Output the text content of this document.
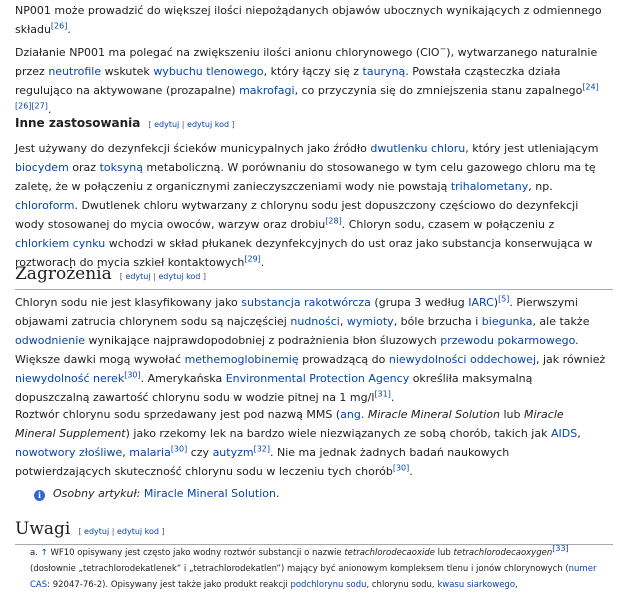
NP001 może prowadzić do większej ilości niepożądanych objawów ubocznych wynikających z odmiennego składu[26].

Działanie NP001 ma polegać na zwiększeniu ilości anionu chlorynowego (ClO−), wytwarzanego naturalnie przez neutrofile wskutek wybuchu tlenowego, który łączy się z tauryną. Powstała cząsteczka działa regulująco na aktywowane (prozapalne) makrofagi, co przyczynia się do zmniejszenia stanu zapalnego[24][26][27].

Inne zastosowania [ edytuj | edytuj kod ]

Jest używany do dezynfekcji ścieków municypalnych jako źródło dwutlenku chloru, który jest utleniającym biocydem oraz toksyną metaboliczną. W porównaniu do stosowanego w tym celu gazowego chloru ma tę zaletę, że w połączeniu z organicznymi zanieczyszczeniami wody nie powstają trihalometany, np. chloroform. Dwutlenek chloru wytwarzany z chlorynu sodu jest dopuszczony częściowo do dezynfekcji wody stosowanej do mycia owoców, warzyw oraz drobiu[28]. Chloryn sodu, czasem w połączeniu z chlorkiem cynku wchodzi w skład płukanek dezynfekcyjnych do ust oraz jako substancja konserwująca w roztworach do mycia szkieł kontaktowych[29].

Zagrożenia [ edytuj | edytuj kod ]

Chloryn sodu nie jest klasyfikowany jako substancja rakotwórcza (grupa 3 według IARC)[5]. Pierwszymi objawami zatrucia chlorynem sodu są najczęściej nudności, wymioty, bóle brzucha i biegunka, ale także odwodnienie wynikające najprawdopodobniej z podrażnienia błon śluzowych przewodu pokarmowego. Większe dawki mogą wywołać methemoglobinemię prowadzącą do niewydolności oddechowej, jak również niewydolność nerek[30]. Amerykańska Environmental Protection Agency określiła maksymalną dopuszczalną zawartość chlorynu sodu w wodzie pitnej na 1 mg/l[31].

Roztwór chlorynu sodu sprzedawany jest pod nazwą MMS (ang. Miracle Mineral Solution lub Miracle Mineral Supplement) jako rzekomy lek na bardzo wiele niezwiązanych ze sobą chorób, takich jak AIDS, nowotwory złośliwe, malaria[30] czy autyzm[32]. Nie ma jednak żadnych badań naukowych potwierdzających skuteczność chlorynu sodu w leczeniu tych chorób[30].

i Osobny artykuł: Miracle Mineral Solution.
Uwagi [ edytuj | edytuj kod ]
a. ↑ WF10 opisywany jest często jako wodny roztwór substancji o nazwie tetrachlorodecaoxide lub tetrachlorodecaoxygen[33] (dosłownie „tetrachlorodekatlenek” i „tetrachlorodekatlen”) mający być anionowym kompleksem tlenu i jonów chlorynowych (numer CAS: 92047-76-2). Opisywany jest także jako produkt reakcji podchlorynu sodu, chlorynu sodu, kwasu siarkowego,
